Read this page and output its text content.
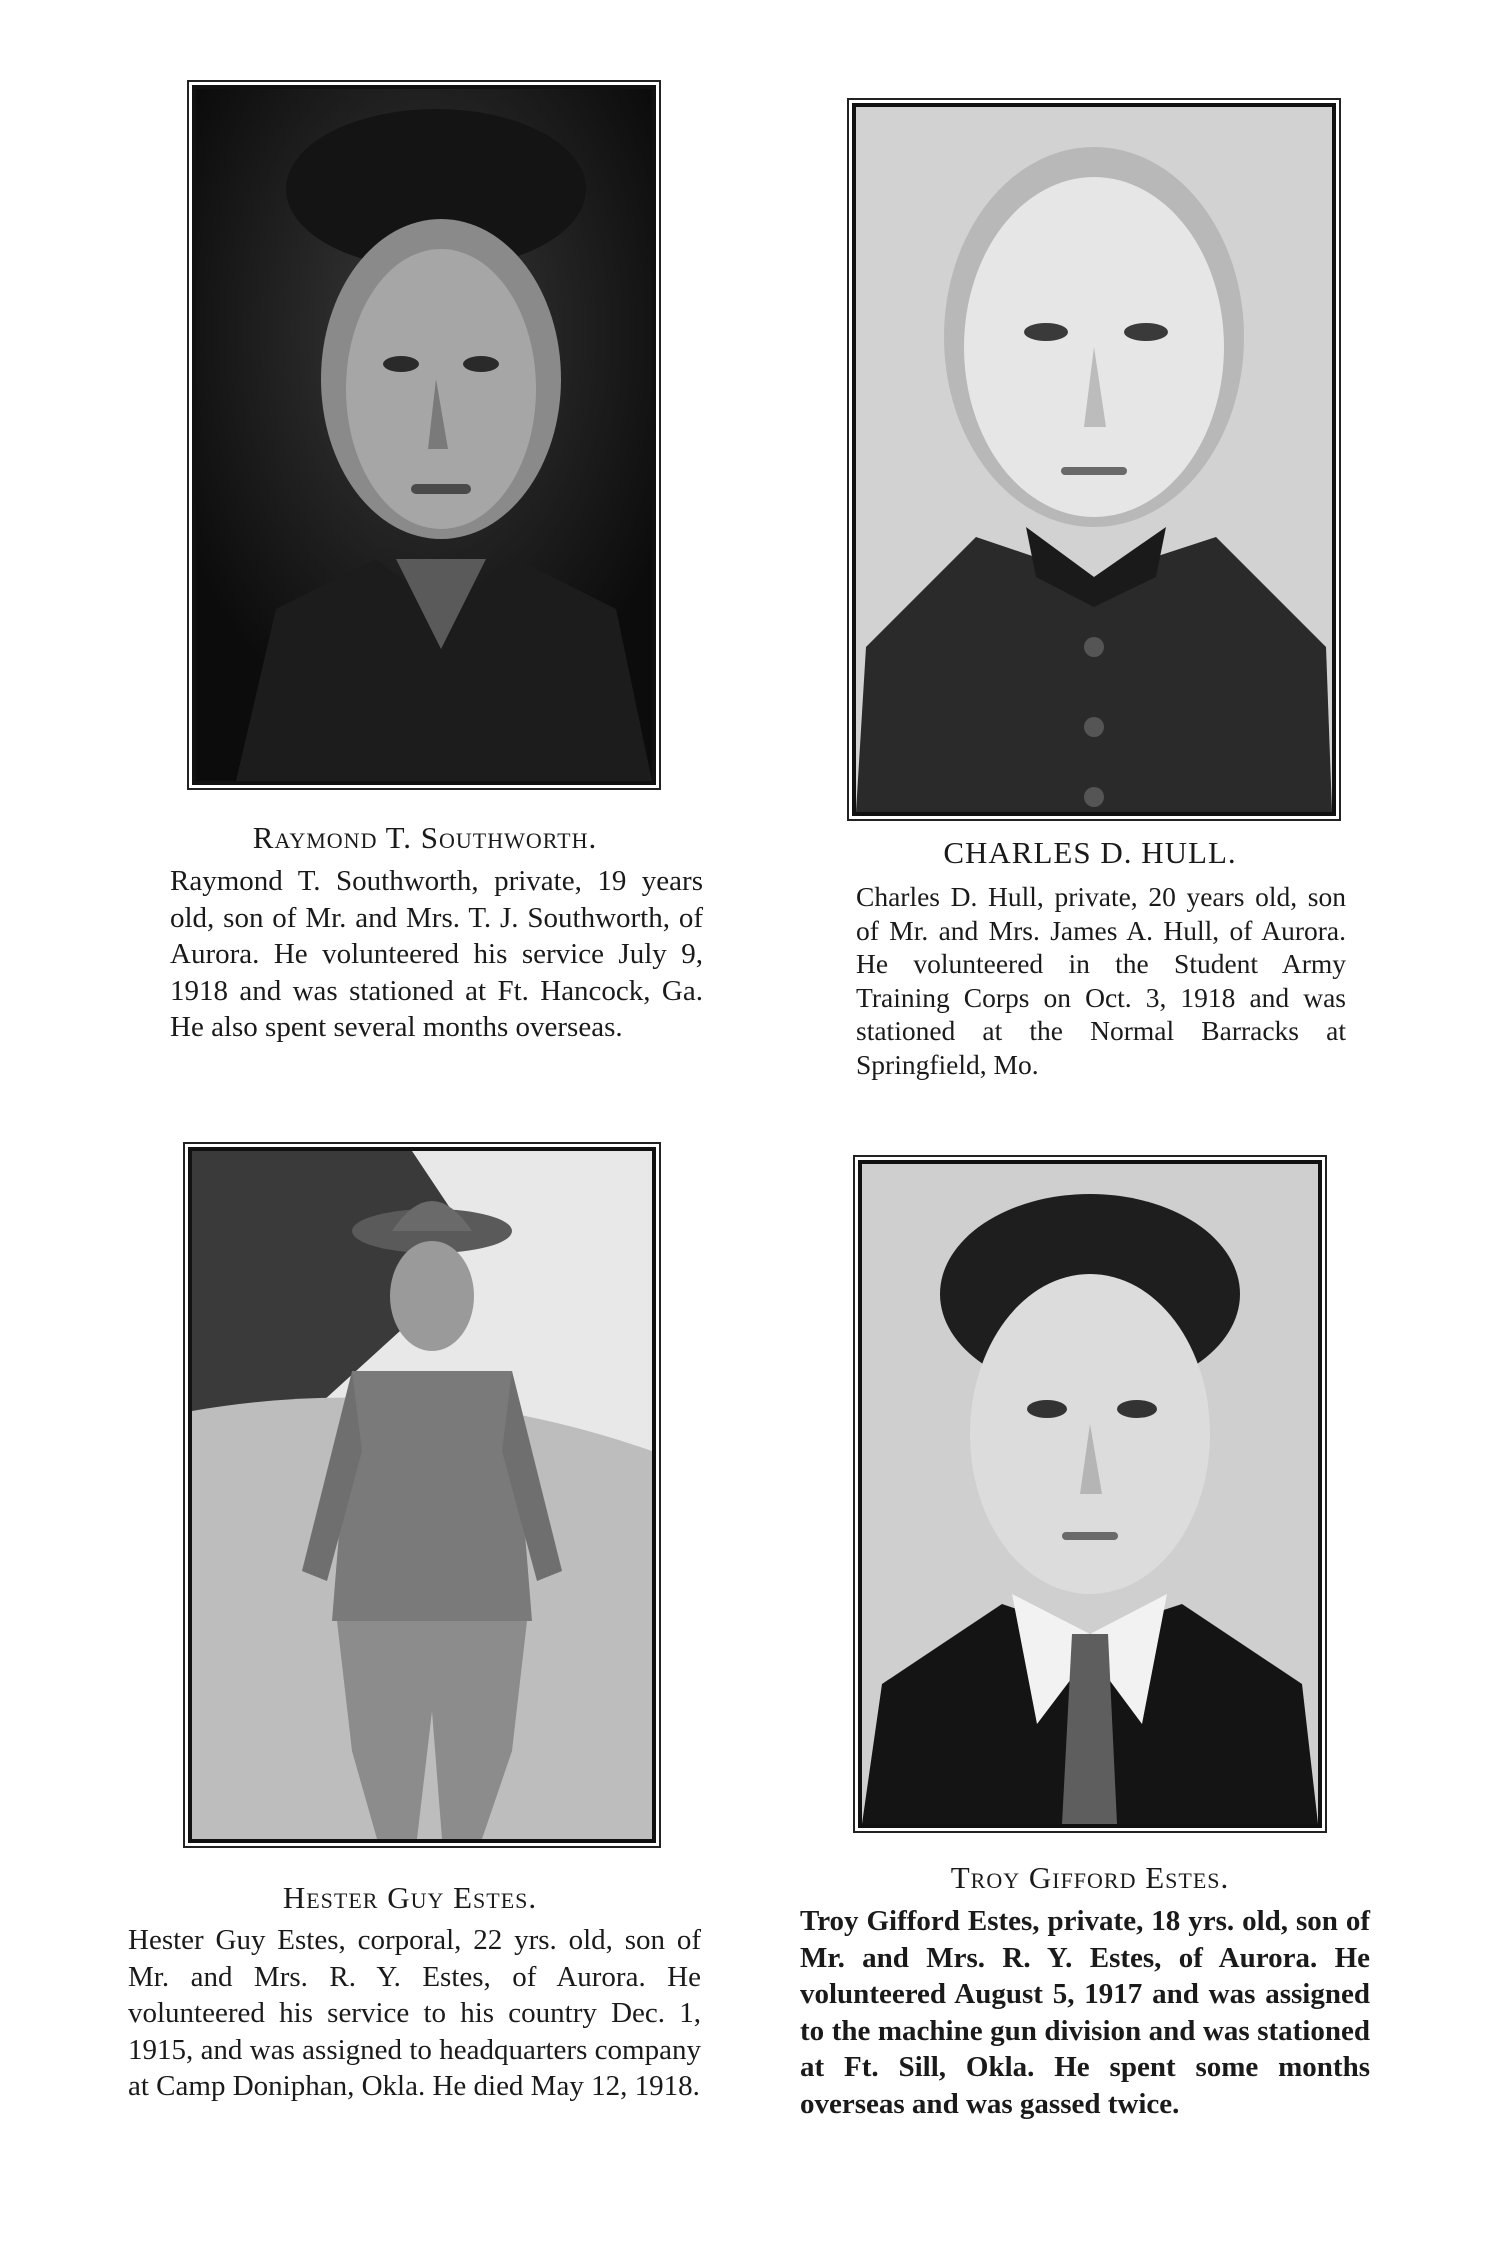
Raymond T. Southworth.
Raymond T. Southworth, private, 19 years old, son of Mr. and Mrs. T. J. Southworth, of Aurora. He volunteered his service July 9, 1918 and was stationed at Ft. Hancock, Ga. He also spent several months overseas.
CHARLES D. HULL.
Charles D. Hull, private, 20 years old, son of Mr. and Mrs. James A. Hull, of Aurora. He volunteered in the Student Army Training Corps on Oct. 3, 1918 and was stationed at the Normal Barracks at Springfield, Mo.
Hester Guy Estes.
Hester Guy Estes, corporal, 22 yrs. old, son of Mr. and Mrs. R. Y. Estes, of Aurora. He volunteered his service to his country Dec. 1, 1915, and was assigned to headquarters company at Camp Doniphan, Okla. He died May 12, 1918.
Troy Gifford Estes.
Troy Gifford Estes, private, 18 yrs. old, son of Mr. and Mrs. R. Y. Estes, of Aurora. He volunteered August 5, 1917 and was assigned to the machine gun division and was stationed at Ft. Sill, Okla. He spent some months overseas and was gassed twice.
